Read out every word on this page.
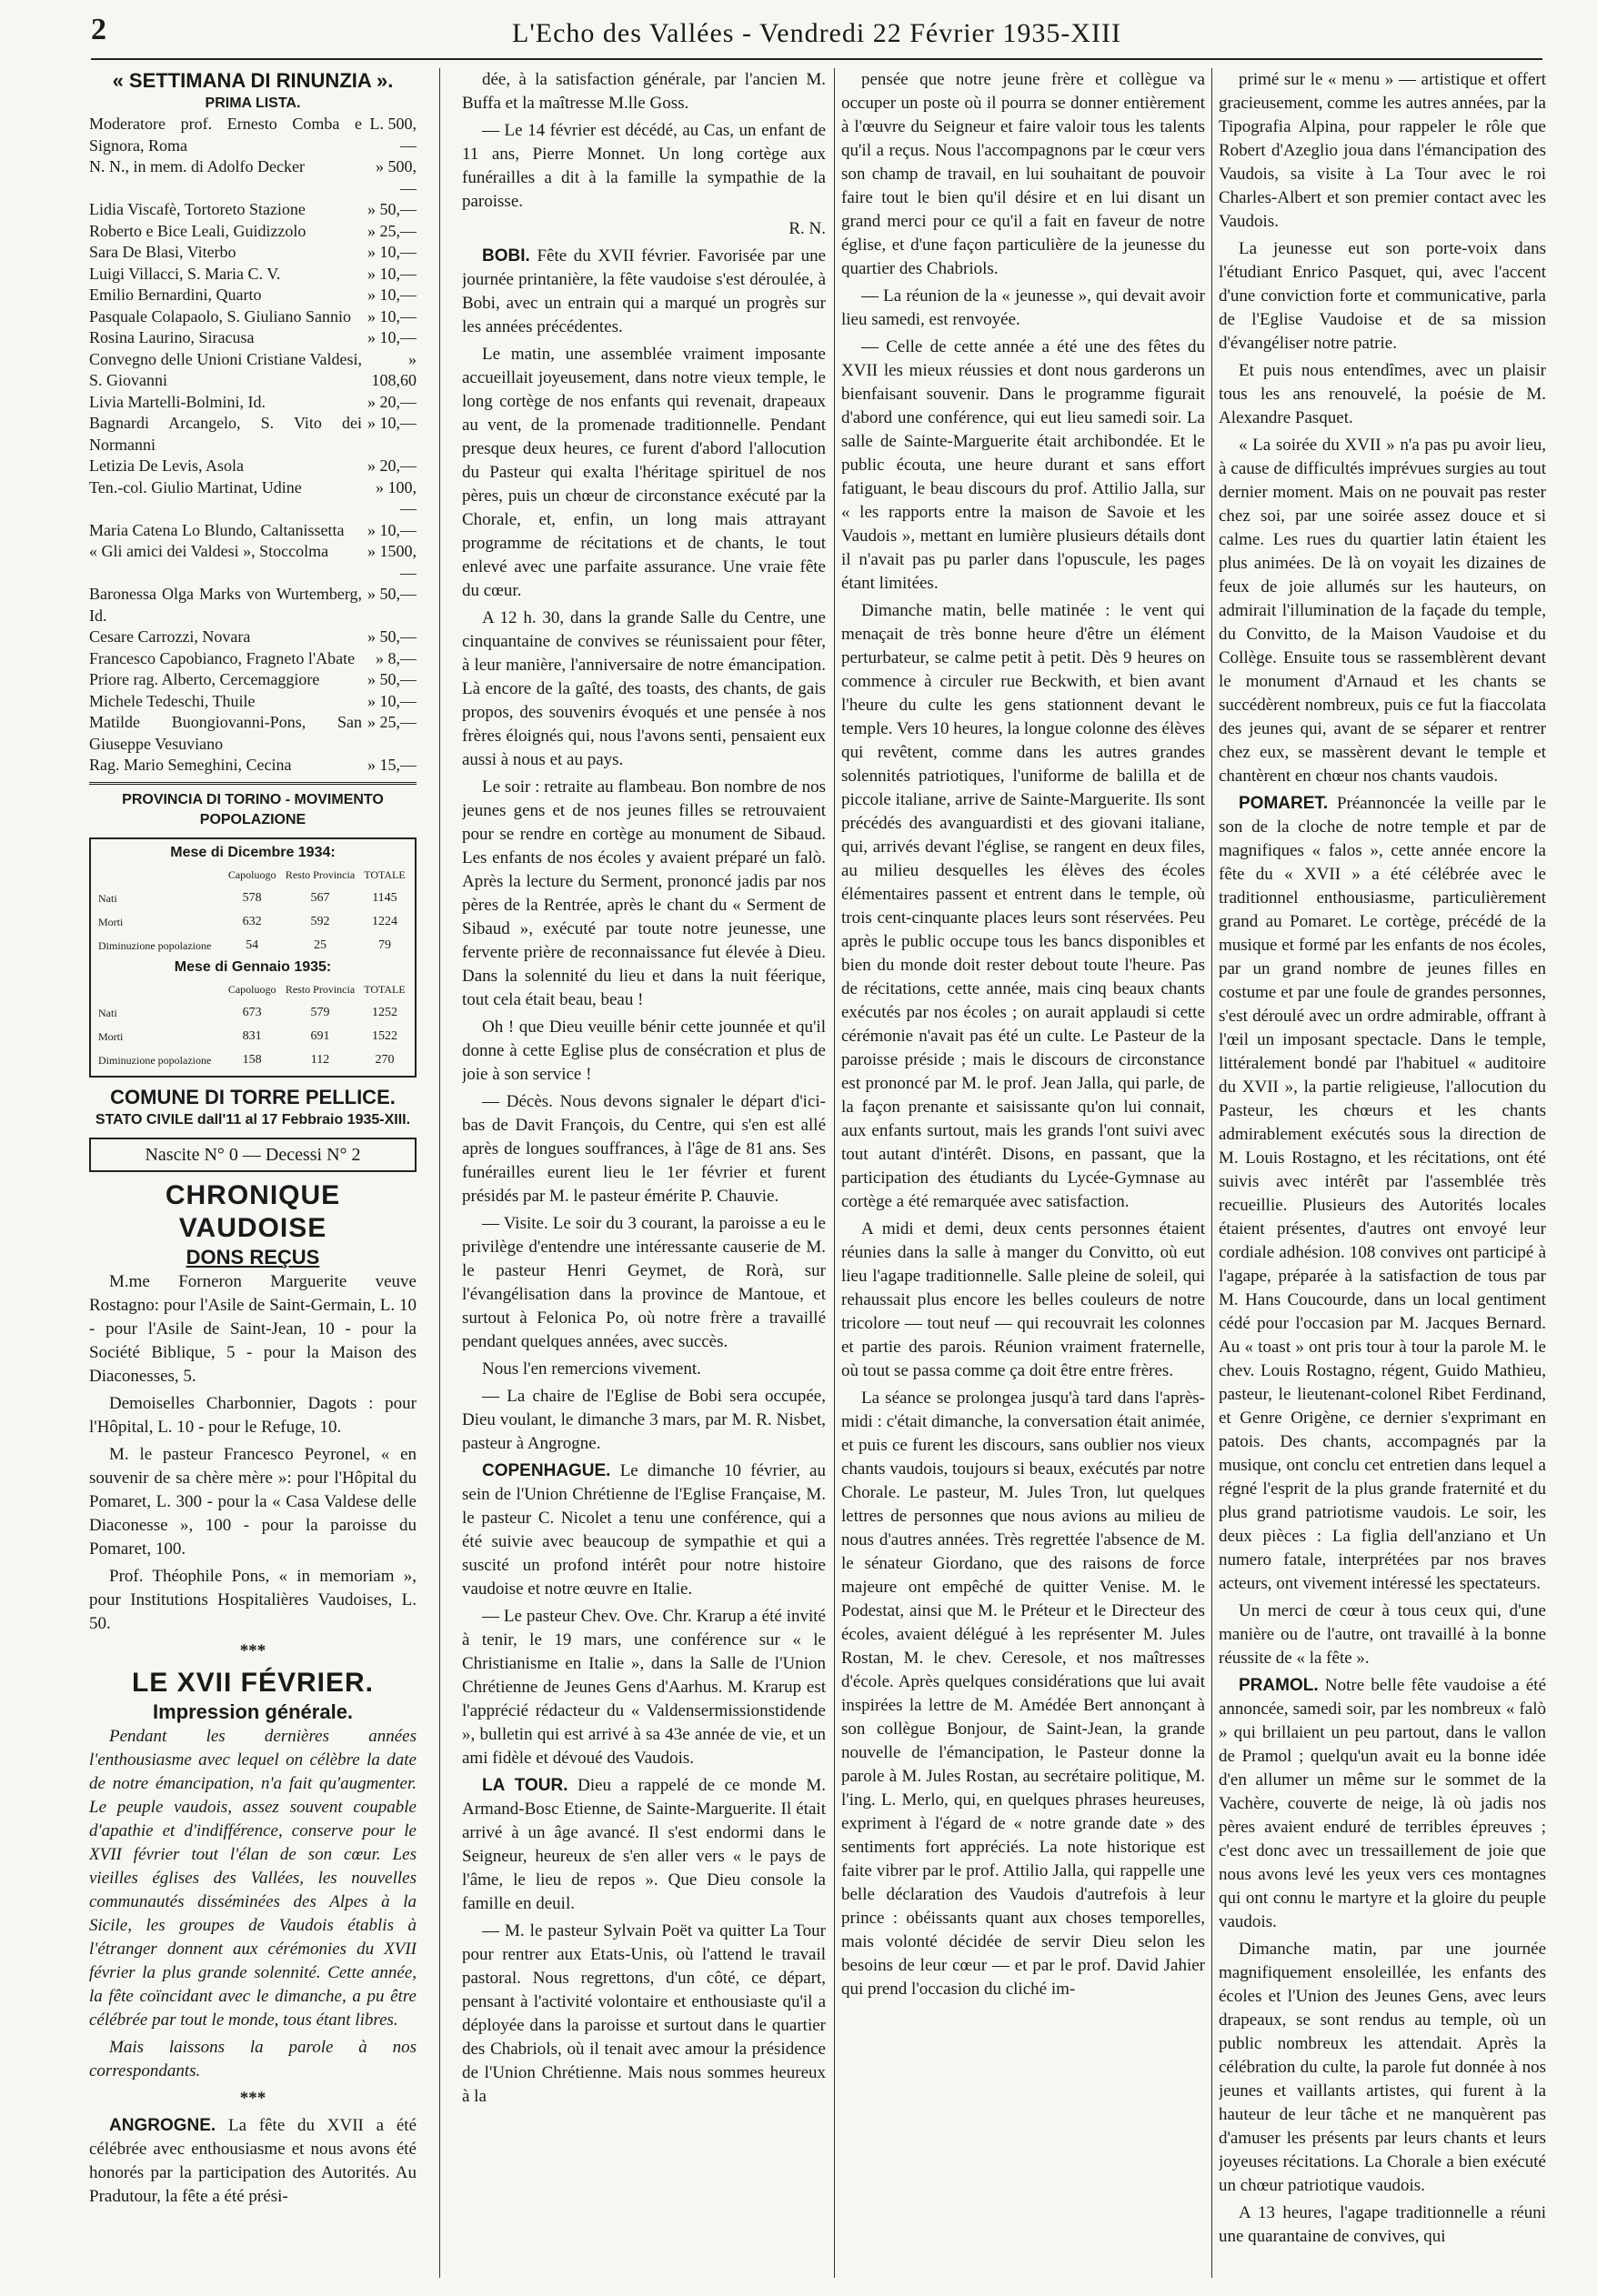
2	L'Echo des Vallées - Vendredi 22 Février 1935-XIII
« SETTIMANA DI RINUNZIA ».
PRIMA LISTA.
Moderatore prof. Ernesto Comba e Signora, Roma
L. 500,—
N. N., in mem. di Adolfo Decker	» 500,—
Lidia Viscafè, Tortoreto Stazione	» 50,—
Roberto e Bice Leali, Guidizzolo	» 25,—
Sara De Blasi, Viterbo	» 10,—
Luigi Villacci, S. Maria C. V.	» 10,—
Emilio Bernardini, Quarto	» 10,—
Pasquale Colapaolo, S. Giuliano Sannio	» 10,—
Rosina Laurino, Siracusa	» 10,—
Convegno delle Unioni Cristiane Valdesi, S. Giovanni
» 108,60
Livia Martelli-Bolmini, Id.	» 20,—
Bagnardi Arcangelo, S. Vito dei Normanni
» 10,—
Letizia De Levis, Asola	» 20,—
Ten.-col. Giulio Martinat, Udine	» 100,—
Maria Catena Lo Blundo, Caltanissetta	» 10,—
« Gli amici dei Valdesi », Stoccolma	» 1500,—
Baronessa Olga Marks von Wurtemberg, Id.
» 50,—
Cesare Carrozzi, Novara	» 50,—
Francesco Capobianco, Fragneto l'Abate	» 8,—
Priore rag. Alberto, Cercemaggiore	» 50,—
Michele Tedeschi, Thuile	» 10,—
Matilde Buongiovanni-Pons, San Giuseppe Vesuviano
» 25,—
Rag. Mario Semeghini, Cecina	» 15,—
PROVINCIA DI TORINO - MOVIMENTO POPOLAZIONE
Mese di Dicembre 1934:
	Capoluogo	Resto Provincia	TOTALE
Nati	578	567	1145
Morti	632	592	1224
Diminuzione popolazione	54	25	79
Mese di Gennaio 1935:
	Capoluogo	Resto Provincia	TOTALE
Nati	673	579	1252
Morti	831	691	1522
Diminuzione popolazione	158	112	270
COMUNE DI TORRE PELLICE.
STATO CIVILE dall'11 al 17 Febbraio 1935-XIII.
Nascite N° 0 — Decessi N° 2
CHRONIQUE VAUDOISE
DONS REÇUS

M.me Forneron Marguerite veuve Rostagno: pour l'Asile de Saint-Germain, L. 10 - pour l'Asile de Saint-Jean, 10 - pour la Société Biblique, 5 - pour la Maison des Diaconesses, 5.

Demoiselles Charbonnier, Dagots : pour l'Hôpital, L. 10 - pour le Refuge, 10.

M. le pasteur Francesco Peyronel, « en souvenir de sa chère mère »: pour l'Hôpital du Pomaret, L. 300 - pour la « Casa Valdese delle Diaconesse », 100 - pour la paroisse du Pomaret, 100.

Prof. Théophile Pons, « in memoriam », pour Institutions Hospitalières Vaudoises, L. 50.

***
LE XVII FÉVRIER.
Impression générale.

Pendant les dernières années l'enthousiasme avec lequel on célèbre la date de notre émancipation, n'a fait qu'augmenter. Le peuple vaudois, assez souvent coupable d'apathie et d'indifférence, conserve pour le XVII février tout l'élan de son cœur. Les vieilles églises des Vallées, les nouvelles communautés disséminées des Alpes à la Sicile, les groupes de Vaudois établis à l'étranger donnent aux cérémonies du XVII février la plus grande solennité. Cette année, la fête coïncidant avec le dimanche, a pu être célébrée par tout le monde, tous étant libres.

Mais laissons la parole à nos correspondants.

***

ANGROGNE. La fête du XVII a été célébrée avec enthousiasme et nous avons été honorés par la participation des Autorités. Au Pradutour, la fête a été prési-

dée, à la satisfaction générale, par l'ancien M. Buffa et la maîtresse M.lle Goss.

— Le 14 février est décédé, au Cas, un enfant de 11 ans, Pierre Monnet. Un long cortège aux funérailles a dit à la famille la sympathie de la paroisse.

R. N.

BOBI. Fête du XVII février. Favorisée par une journée printanière, la fête vaudoise s'est déroulée, à Bobi, avec un entrain qui a marqué un progrès sur les années précédentes.

Le matin, une assemblée vraiment imposante accueillait joyeusement, dans notre vieux temple, le long cortège de nos enfants qui revenait, drapeaux au vent, de la promenade traditionnelle. Pendant presque deux heures, ce furent d'abord l'allocution du Pasteur qui exalta l'héritage spirituel de nos pères, puis un chœur de circonstance exécuté par la Chorale, et, enfin, un long mais attrayant programme de récitations et de chants, le tout enlevé avec une parfaite assurance. Une vraie fête du cœur.

A 12 h. 30, dans la grande Salle du Centre, une cinquantaine de convives se réunissaient pour fêter, à leur manière, l'anniversaire de notre émancipation. Là encore de la gaîté, des toasts, des chants, de gais propos, des souvenirs évoqués et une pensée à nos frères éloignés qui, nous l'avons senti, pensaient eux aussi à nous et au pays.

Le soir : retraite au flambeau. Bon nombre de nos jeunes gens et de nos jeunes filles se retrouvaient pour se rendre en cortège au monument de Sibaud. Les enfants de nos écoles y avaient préparé un falò. Après la lecture du Serment, prononcé jadis par nos pères de la Rentrée, après le chant du « Serment de Sibaud », exécuté par toute notre jeunesse, une fervente prière de reconnaissance fut élevée à Dieu. Dans la solennité du lieu et dans la nuit féerique, tout cela était beau, beau !

Oh ! que Dieu veuille bénir cette jounnée et qu'il donne à cette Eglise plus de consécration et plus de joie à son service !

— Décès. Nous devons signaler le départ d'ici-bas de Davit François, du Centre, qui s'en est allé après de longues souffrances, à l'âge de 81 ans. Ses funérailles eurent lieu le 1er février et furent présidés par M. le pasteur émérite P. Chauvie.

— Visite. Le soir du 3 courant, la paroisse a eu le privilège d'entendre une intéressante causerie de M. le pasteur Henri Geymet, de Rorà, sur l'évangélisation dans la province de Mantoue, et surtout à Felonica Po, où notre frère a travaillé pendant quelques années, avec succès.

Nous l'en remercions vivement.

— La chaire de l'Eglise de Bobi sera occupée, Dieu voulant, le dimanche 3 mars, par M. R. Nisbet, pasteur à Angrogne.

COPENHAGUE. Le dimanche 10 février, au sein de l'Union Chrétienne de l'Eglise Française, M. le pasteur C. Nicolet a tenu une conférence, qui a été suivie avec beaucoup de sympathie et qui a suscité un profond intérêt pour notre histoire vaudoise et notre œuvre en Italie.

— Le pasteur Chev. Ove. Chr. Krarup a été invité à tenir, le 19 mars, une conférence sur « le Christianisme en Italie », dans la Salle de l'Union Chrétienne de Jeunes Gens d'Aarhus. M. Krarup est l'apprécié rédacteur du « Valdensermissionstidende », bulletin qui est arrivé à sa 43e année de vie, et un ami fidèle et dévoué des Vaudois.

LA TOUR. Dieu a rappelé de ce monde M. Armand-Bosc Etienne, de Sainte-Marguerite. Il était arrivé à un âge avancé. Il s'est endormi dans le Seigneur, heureux de s'en aller vers « le pays de l'âme, le lieu de repos ». Que Dieu console la famille en deuil.

— M. le pasteur Sylvain Poët va quitter La Tour pour rentrer aux Etats-Unis, où l'attend le travail pastoral. Nous regrettons, d'un côté, ce départ, pensant à l'activité volontaire et enthousiaste qu'il a déployée dans la paroisse et surtout dans le quartier des Chabriols, où il tenait avec amour la présidence de l'Union Chrétienne. Mais nous sommes heureux à la

pensée que notre jeune frère et collègue va occuper un poste où il pourra se donner entièrement à l'œuvre du Seigneur et faire valoir tous les talents qu'il a reçus. Nous l'accompagnons par le cœur vers son champ de travail, en lui souhaitant de pouvoir faire tout le bien qu'il désire et en lui disant un grand merci pour ce qu'il a fait en faveur de notre église, et d'une façon particulière de la jeunesse du quartier des Chabriols.

— La réunion de la « jeunesse », qui devait avoir lieu samedi, est renvoyée.

— Celle de cette année a été une des fêtes du XVII les mieux réussies et dont nous garderons un bienfaisant souvenir. Dans le programme figurait d'abord une conférence, qui eut lieu samedi soir. La salle de Sainte-Marguerite était archibondée. Et le public écouta, une heure durant et sans effort fatiguant, le beau discours du prof. Attilio Jalla, sur « les rapports entre la maison de Savoie et les Vaudois », mettant en lumière plusieurs détails dont il n'avait pas pu parler dans l'opuscule, les pages étant limitées.

Dimanche matin, belle matinée : le vent qui menaçait de très bonne heure d'être un élément perturbateur, se calme petit à petit. Dès 9 heures on commence à circuler rue Beckwith, et bien avant l'heure du culte les gens stationnent devant le temple. Vers 10 heures, la longue colonne des élèves qui revêtent, comme dans les autres grandes solennités patriotiques, l'uniforme de balilla et de piccole italiane, arrive de Sainte-Marguerite. Ils sont précédés des avanguardisti et des giovani italiane, qui, arrivés devant l'église, se rangent en deux files, au milieu desquelles les élèves des écoles élémentaires passent et entrent dans le temple, où trois cent-cinquante places leurs sont réservées. Peu après le public occupe tous les bancs disponibles et bien du monde doit rester debout toute l'heure. Pas de récitations, cette année, mais cinq beaux chants exécutés par nos écoles ; on aurait applaudi si cette cérémonie n'avait pas été un culte. Le Pasteur de la paroisse préside ; mais le discours de circonstance est prononcé par M. le prof. Jean Jalla, qui parle, de la façon prenante et saisissante qu'on lui connait, aux enfants surtout, mais les grands l'ont suivi avec tout autant d'intérêt. Disons, en passant, que la participation des étudiants du Lycée-Gymnase au cortège a été remarquée avec satisfaction.

A midi et demi, deux cents personnes étaient réunies dans la salle à manger du Convitto, où eut lieu l'agape traditionnelle. Salle pleine de soleil, qui rehaussait plus encore les belles couleurs de notre tricolore — tout neuf — qui recouvrait les colonnes et partie des parois. Réunion vraiment fraternelle, où tout se passa comme ça doit être entre frères.

La séance se prolongea jusqu'à tard dans l'après-midi : c'était dimanche, la conversation était animée, et puis ce furent les discours, sans oublier nos vieux chants vaudois, toujours si beaux, exécutés par notre Chorale. Le pasteur, M. Jules Tron, lut quelques lettres de personnes que nous avions au milieu de nous d'autres années. Très regrettée l'absence de M. le sénateur Giordano, que des raisons de force majeure ont empêché de quitter Venise. M. le Podestat, ainsi que M. le Préteur et le Directeur des écoles, avaient délégué à les représenter M. Jules Rostan, M. le chev. Ceresole, et nos maîtresses d'école. Après quelques considérations que lui avait inspirées la lettre de M. Amédée Bert annonçant à son collègue Bonjour, de Saint-Jean, la grande nouvelle de l'émancipation, le Pasteur donne la parole à M. Jules Rostan, au secrétaire politique, M. l'ing. L. Merlo, qui, en quelques phrases heureuses, expriment à l'égard de « notre grande date » des sentiments fort appréciés. La note historique est faite vibrer par le prof. Attilio Jalla, qui rappelle une belle déclaration des Vaudois d'autrefois à leur prince : obéissants quant aux choses temporelles, mais volonté décidée de servir Dieu selon les besoins de leur cœur — et par le prof. David Jahier qui prend l'occasion du cliché im-

primé sur le « menu » — artistique et offert gracieusement, comme les autres années, par la Tipografia Alpina, pour rappeler le rôle que Robert d'Azeglio joua dans l'émancipation des Vaudois, sa visite à La Tour avec le roi Charles-Albert et son premier contact avec les Vaudois.

La jeunesse eut son porte-voix dans l'étudiant Enrico Pasquet, qui, avec l'accent d'une conviction forte et communicative, parla de l'Eglise Vaudoise et de sa mission d'évangéliser notre patrie.

Et puis nous entendîmes, avec un plaisir tous les ans renouvelé, la poésie de M. Alexandre Pasquet.

« La soirée du XVII » n'a pas pu avoir lieu, à cause de difficultés imprévues surgies au tout dernier moment. Mais on ne pouvait pas rester chez soi, par une soirée assez douce et si calme. Les rues du quartier latin étaient les plus animées. De là on voyait les dizaines de feux de joie allumés sur les hauteurs, on admirait l'illumination de la façade du temple, du Convitto, de la Maison Vaudoise et du Collège. Ensuite tous se rassemblèrent devant le monument d'Arnaud et les chants se succédèrent nombreux, puis ce fut la fiaccolata des jeunes qui, avant de se séparer et rentrer chez eux, se massèrent devant le temple et chantèrent en chœur nos chants vaudois.

POMARET. Préannoncée la veille par le son de la cloche de notre temple et par de magnifiques « falos », cette année encore la fête du « XVII » a été célébrée avec le traditionnel enthousiasme, particulièrement grand au Pomaret. Le cortège, précédé de la musique et formé par les enfants de nos écoles, par un grand nombre de jeunes filles en costume et par une foule de grandes personnes, s'est déroulé avec un ordre admirable, offrant à l'œil un imposant spectacle. Dans le temple, littéralement bondé par l'habituel « auditoire du XVII », la partie religieuse, l'allocution du Pasteur, les chœurs et les chants admirablement exécutés sous la direction de M. Louis Rostagno, et les récitations, ont été suivis avec intérêt par l'assemblée très recueillie. Plusieurs des Autorités locales étaient présentes, d'autres ont envoyé leur cordiale adhésion. 108 convives ont participé à l'agape, préparée à la satisfaction de tous par M. Hans Coucourde, dans un local gentiment cédé pour l'occasion par M. Jacques Bernard. Au « toast » ont pris tour à tour la parole M. le chev. Louis Rostagno, régent, Guido Mathieu, pasteur, le lieutenant-colonel Ribet Ferdinand, et Genre Origène, ce dernier s'exprimant en patois. Des chants, accompagnés par la musique, ont conclu cet entretien dans lequel a régné l'esprit de la plus grande fraternité et du plus grand patriotisme vaudois. Le soir, les deux pièces : La figlia dell'anziano et Un numero fatale, interprétées par nos braves acteurs, ont vivement intéressé les spectateurs.

Un merci de cœur à tous ceux qui, d'une manière ou de l'autre, ont travaillé à la bonne réussite de « la fête ».

PRAMOL. Notre belle fête vaudoise a été annoncée, samedi soir, par les nombreux « falò » qui brillaient un peu partout, dans le vallon de Pramol ; quelqu'un avait eu la bonne idée d'en allumer un même sur le sommet de la Vachère, couverte de neige, là où jadis nos pères avaient enduré de terribles épreuves ; c'est donc avec un tressaillement de joie que nous avons levé les yeux vers ces montagnes qui ont connu le martyre et la gloire du peuple vaudois.

Dimanche matin, par une journée magnifiquement ensoleillée, les enfants des écoles et l'Union des Jeunes Gens, avec leurs drapeaux, se sont rendus au temple, où un public nombreux les attendait. Après la célébration du culte, la parole fut donnée à nos jeunes et vaillants artistes, qui furent à la hauteur de leur tâche et ne manquèrent pas d'amuser les présents par leurs chants et leurs joyeuses récitations. La Chorale a bien exécuté un chœur patriotique vaudois.

A 13 heures, l'agape traditionnelle a réuni une quarantaine de convives, qui
